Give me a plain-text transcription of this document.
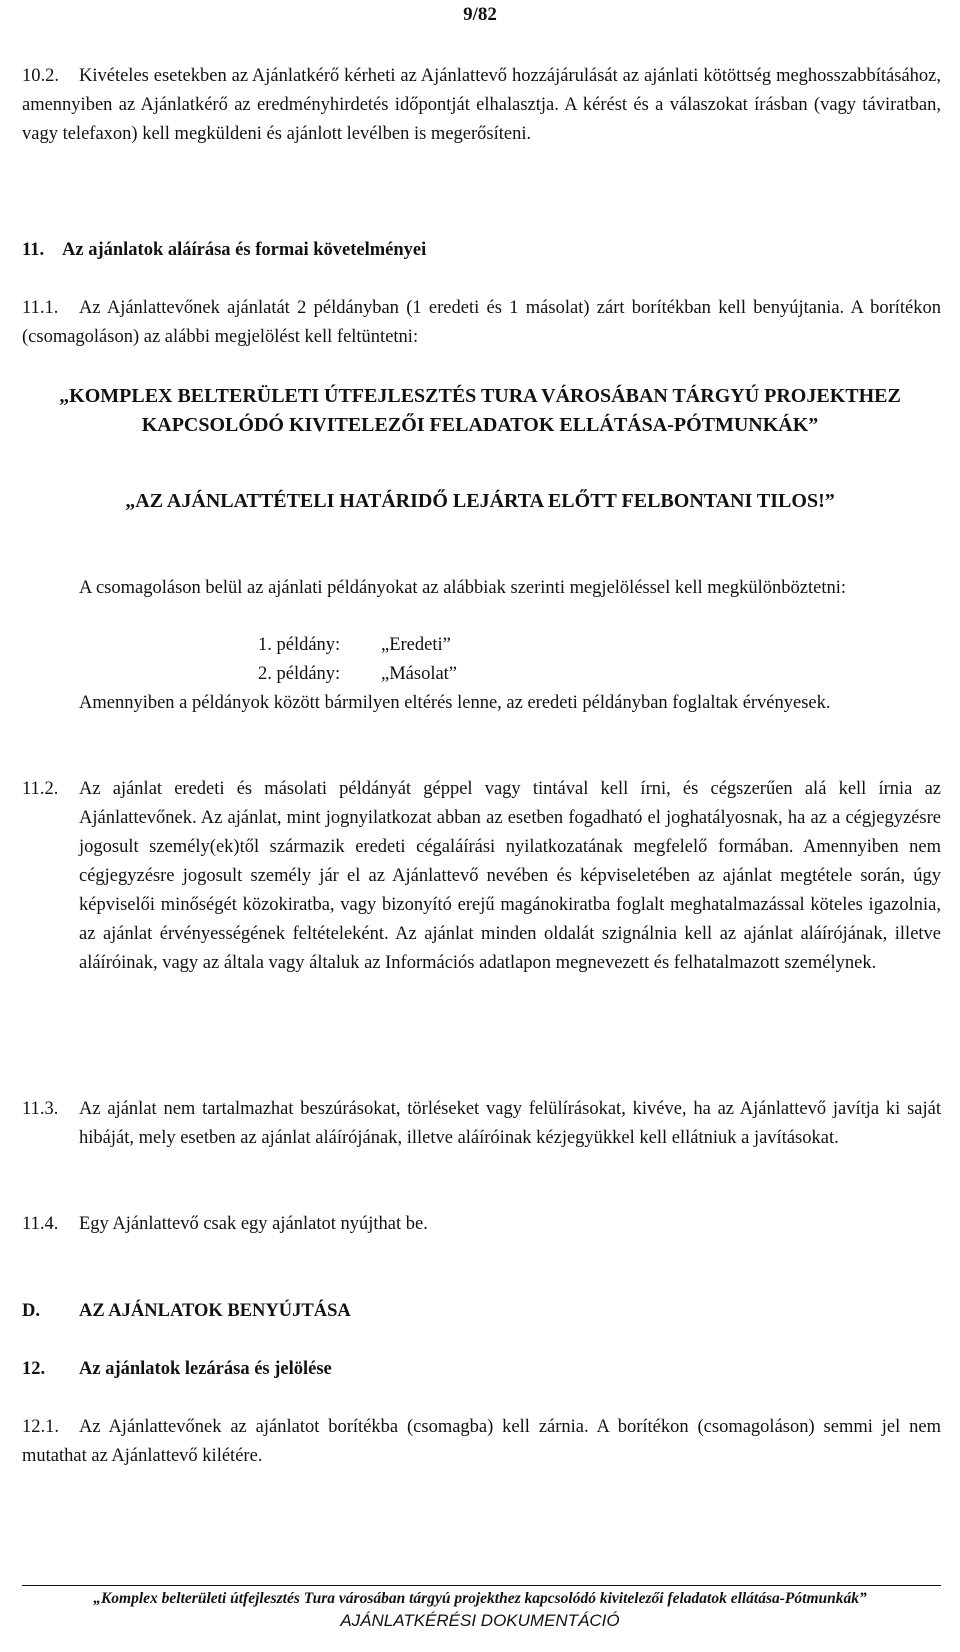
9/82
10.2. Kivételes esetekben az Ajánlatkérő kérheti az Ajánlattevő hozzájárulását az ajánlati kötöttség meghosszabbításához, amennyiben az Ajánlatkérő az eredményhirdetés időpontját elhalasztja. A kérést és a válaszokat írásban (vagy táviratban, vagy telefaxon) kell megküldeni és ajánlott levélben is megerősíteni.
11. Az ajánlatok aláírása és formai követelményei
11.1. Az Ajánlattevőnek ajánlatát 2 példányban (1 eredeti és 1 másolat) zárt borítékban kell benyújtania. A borítékon (csomagoláson) az alábbi megjelölést kell feltüntetni:
„KOMPLEX BELTERÜLETI ÚTFEJLESZTÉS TURA VÁROSÁBAN TÁRGYÚ PROJEKTHEZ KAPCSOLÓDÓ KIVITELEZŐI FELADATOK ELLÁTÁSA-PÓTMUNKÁK”
„AZ AJÁNLATTÉTELI HATÁRIDŐ LEJÁRTA ELŐTT FELBONTANI TILOS!”
A csomagoláson belül az ajánlati példányokat az alábbiak szerinti megjelöléssel kell megkülönböztetni:
1. példány: „Eredeti”
2. példány: „Másolat”
Amennyiben a példányok között bármilyen eltérés lenne, az eredeti példányban foglaltak érvényesek.
11.2. Az ajánlat eredeti és másolati példányát géppel vagy tintával kell írni, és cégszerűen alá kell írnia az Ajánlattevőnek. Az ajánlat, mint jognyilatkozat abban az esetben fogadható el joghatályosnak, ha az a cégjegyzésre jogosult személy(ek)től származik eredeti cégaláírási nyilatkozatának megfelelő formában. Amennyiben nem cégjegyzésre jogosult személy jár el az Ajánlattevő nevében és képviseletében az ajánlat megtétele során, úgy képviselői minőségét közokiratba, vagy bizonyító erejű magánokiratba foglalt meghatalmazással köteles igazolnia, az ajánlat érvényességének feltételeként. Az ajánlat minden oldalát szignálnia kell az ajánlat aláírójának, illetve aláíróinak, vagy az általa vagy általuk az Információs adatlapon megnevezett és felhatalmazott személynek.
11.3. Az ajánlat nem tartalmazhat beszúrásokat, törléseket vagy felülírásokat, kivéve, ha az Ajánlattevő javítja ki saját hibáját, mely esetben az ajánlat aláírójának, illetve aláíróinak kézjegyükkel kell ellátniuk a javításokat.
11.4. Egy Ajánlattevő csak egy ajánlatot nyújthat be.
D. AZ AJÁNLATOK BENYÚJTÁSA
12. Az ajánlatok lezárása és jelölése
12.1. Az Ajánlattevőnek az ajánlatot borítékba (csomagba) kell zárnia. A borítékon (csomagoláson) semmi jel nem mutathat az Ajánlattevő kilétére.
„Komplex belterületi útfejlesztés Tura városában tárgyú projekthez kapcsolódó kivitelezői feladatok ellátása-Pótmunkák”
AJÁNLATKÉRÉSI DOKUMENTÁCIÓ
